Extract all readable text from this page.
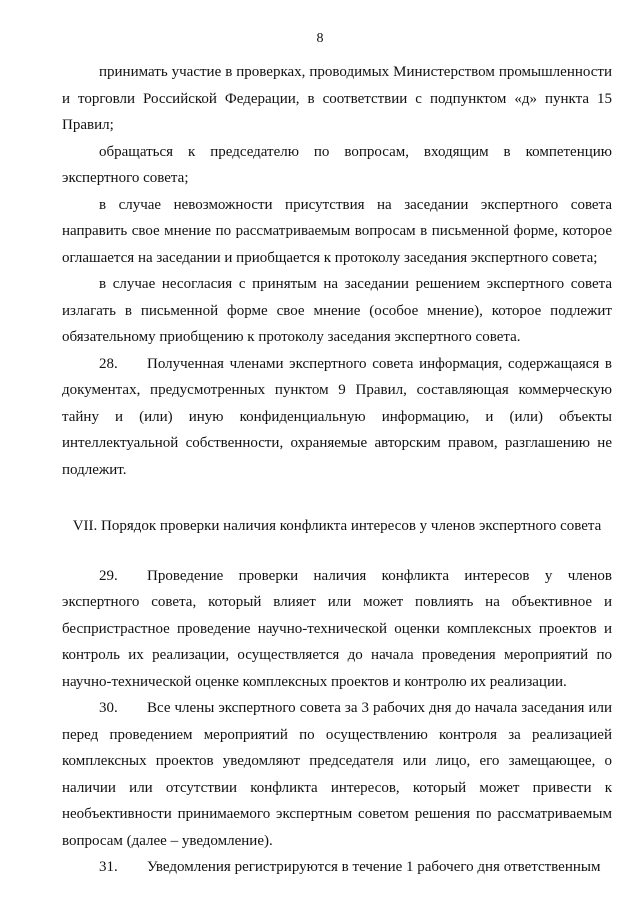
8

принимать участие в проверках, проводимых Министерством промышленности и торговли Российской Федерации, в соответствии с подпунктом «д» пункта 15 Правил;

обращаться к председателю по вопросам, входящим в компетенцию экспертного совета;

в случае невозможности присутствия на заседании экспертного совета направить свое мнение по рассматриваемым вопросам в письменной форме, которое оглашается на заседании и приобщается к протоколу заседания экспертного совета;

в случае несогласия с принятым на заседании решением экспертного совета излагать в письменной форме свое мнение (особое мнение), которое подлежит обязательному приобщению к протоколу заседания экспертного совета.

28. Полученная членами экспертного совета информация, содержащаяся в документах, предусмотренных пунктом 9 Правил, составляющая коммерческую тайну и (или) иную конфиденциальную информацию, и (или) объекты интеллектуальной собственности, охраняемые авторским правом, разглашению не подлежит.

VII. Порядок проверки наличия конфликта интересов у членов экспертного совета

29. Проведение проверки наличия конфликта интересов у членов экспертного совета, который влияет или может повлиять на объективное и беспристрастное проведение научно-технической оценки комплексных проектов и контроль их реализации, осуществляется до начала проведения мероприятий по научно-технической оценке комплексных проектов и контролю их реализации.

30. Все члены экспертного совета за 3 рабочих дня до начала заседания или перед проведением мероприятий по осуществлению контроля за реализацией комплексных проектов уведомляют председателя или лицо, его замещающее, о наличии или отсутствии конфликта интересов, который может привести к необъективности принимаемого экспертным советом решения по рассматриваемым вопросам (далее – уведомление).

31. Уведомления регистрируются в течение 1 рабочего дня ответственным
